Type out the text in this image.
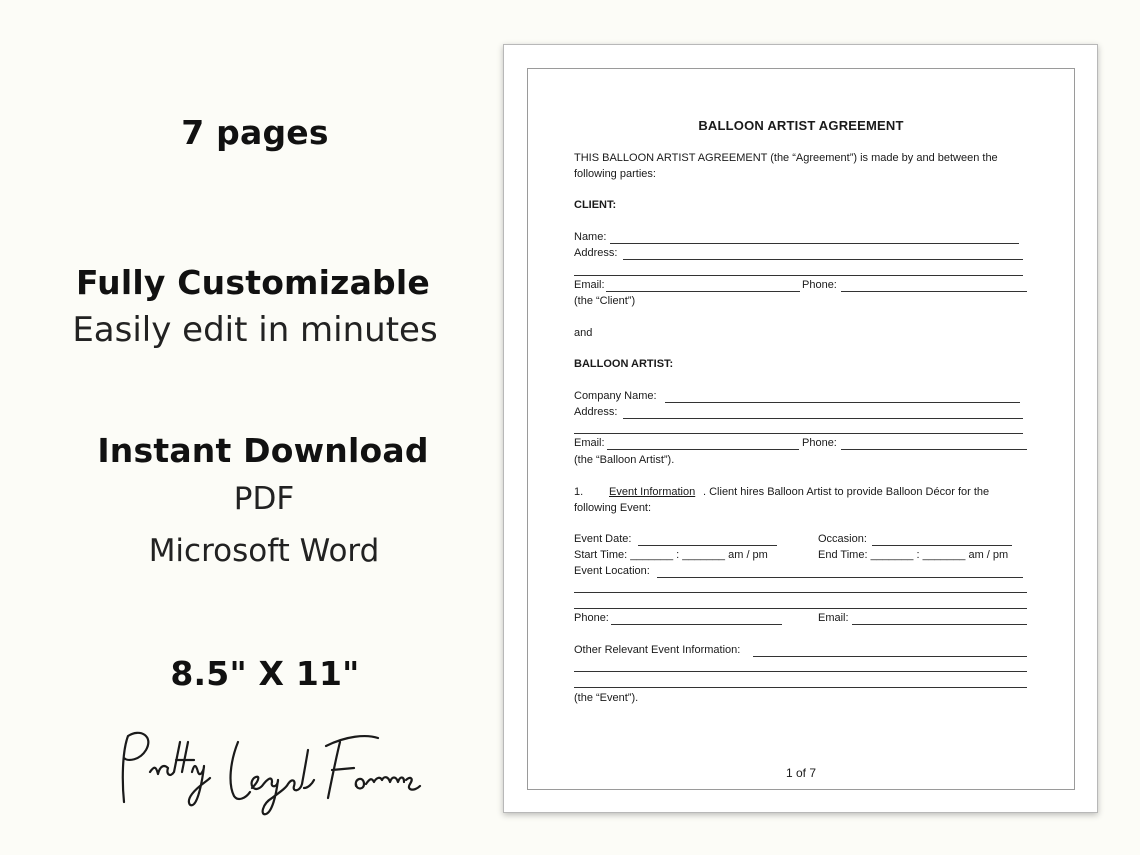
7 pages
Fully Customizable
Easily edit in minutes
Instant Download
PDF
Microsoft Word
8.5" X 11"
BALLOON ARTIST AGREEMENT
THIS BALLOON ARTIST AGREEMENT (the “Agreement”) is made by and between the
following parties:
CLIENT:
Name:
Address:
Email:	Phone:
(the “Client”)
and
BALLOON ARTIST:
Company Name:
Address:
Email:	Phone:
(the “Balloon Artist”).
1. Event Information . Client hires Balloon Artist to provide Balloon Décor for the
following Event:
Event Date:	Occasion:
Start Time: _______ : _______ am / pm	End Time: _______ : _______ am / pm
Event Location:
Phone:	Email:
Other Relevant Event Information:
(the “Event”).
1 of 7
